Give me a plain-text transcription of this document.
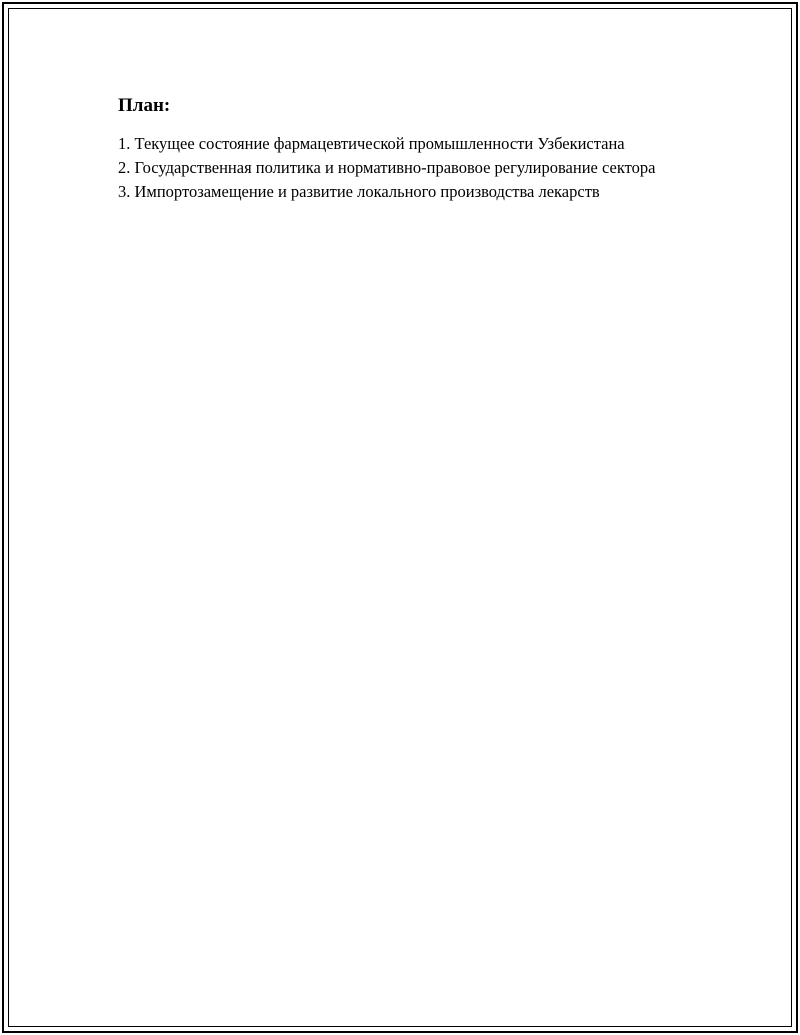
План:
1. Текущее состояние фармацевтической промышленности Узбекистана
2. Государственная политика и нормативно-правовое регулирование сектора
3. Импортозамещение и развитие локального производства лекарств
